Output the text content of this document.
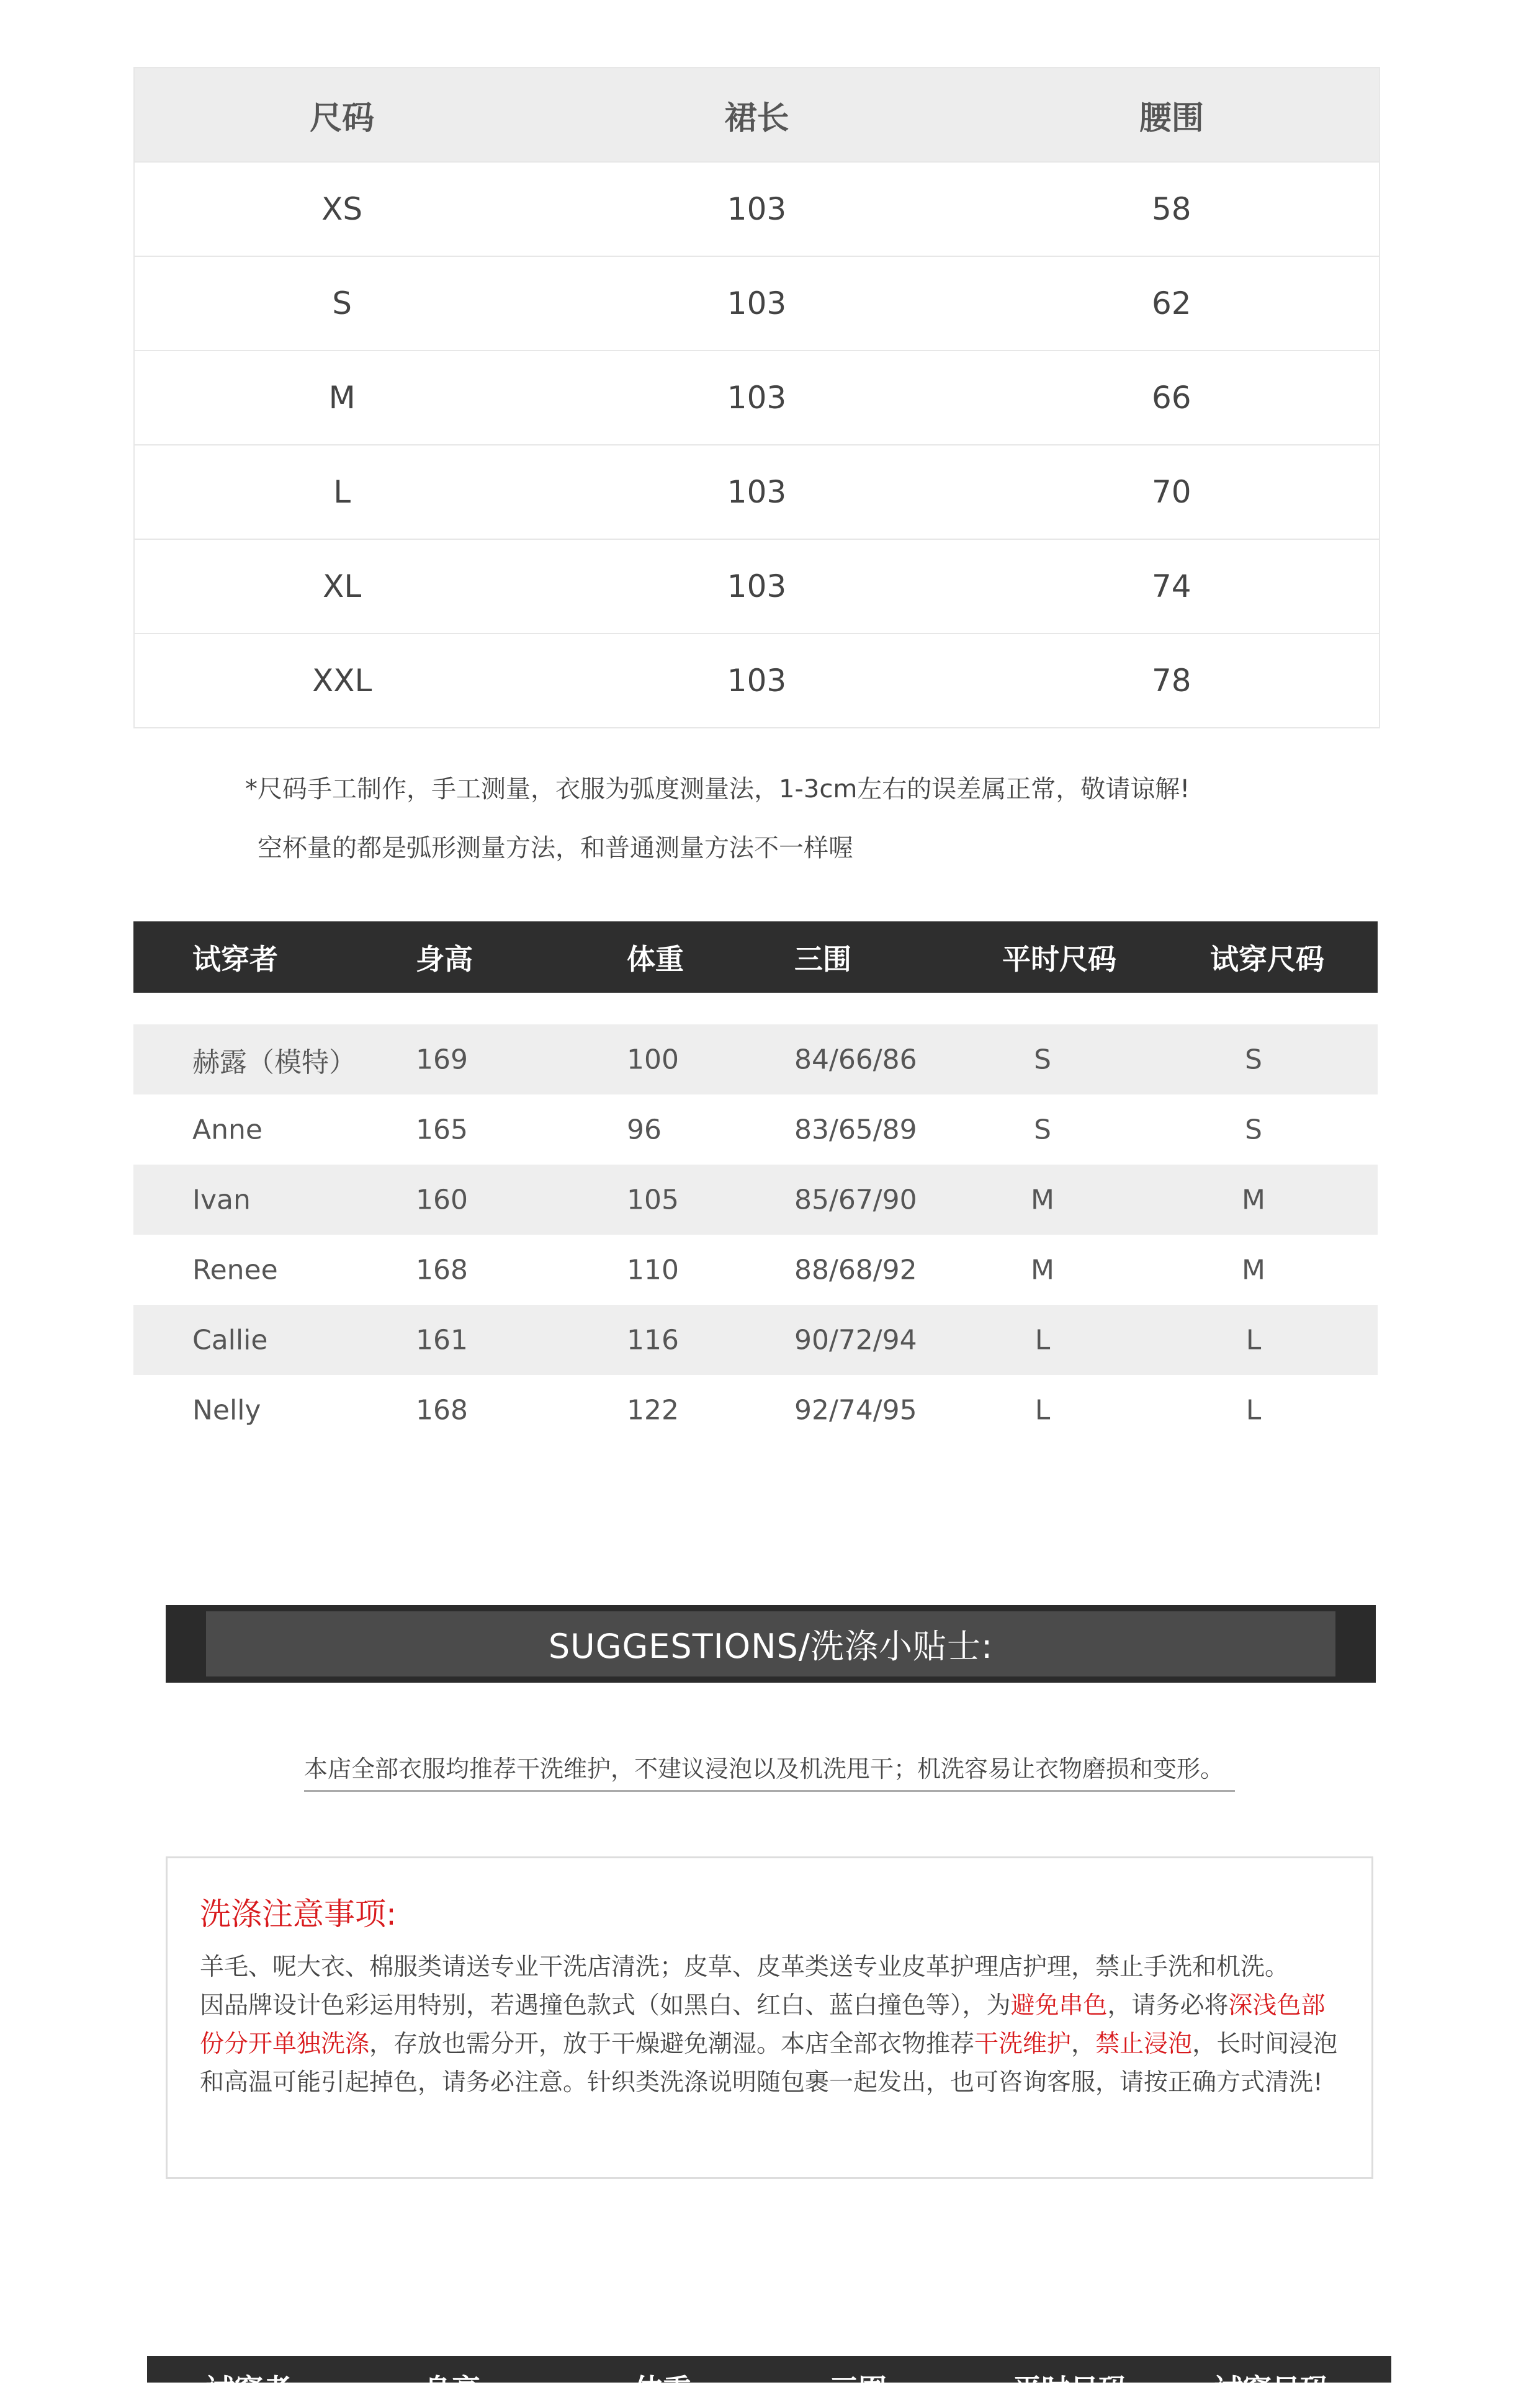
尺码	裙长	腰围
XS	103	58
S	103	62
M	103	66
L	103	70
XL	103	74
XXL	103	78
*尺码手工制作，手工测量，衣服为弧度测量法，1-3cm左右的误差属正常，敬请谅解!
空杯量的都是弧形测量方法，和普通测量方法不一样喔
试穿者	身高	体重	三围	平时尺码	试穿尺码
赫露（模特） 169	100	84/66/86	S	S
Anne	165	96	83/65/89	S	S
Ivan	160	105	85/67/90	M	M
Renee	168	110	88/68/92	M	M
Callie	161	116	90/72/94	L	L
Nelly	168	122	92/74/95	L	L
SUGGESTIONS/洗涤小贴士:
本店全部衣服均推荐干洗维护，不建议浸泡以及机洗甩干；机洗容易让衣物磨损和变形。
洗涤注意事项:
羊毛、呢大衣、棉服类请送专业干洗店清洗；皮草、皮革类送专业皮革护理店护理，禁止手洗和机洗。
因品牌设计色彩运用特别，若遇撞色款式（如黑白、红白、蓝白撞色等），为避免串色，请务必将深浅色部份分开单独洗涤，存放也需分开，放于干燥避免潮湿。本店全部衣物推荐干洗维护，禁止浸泡，长时间浸泡和高温可能引起掉色，请务必注意。针织类洗涤说明随包裹一起发出，也可咨询客服，请按正确方式清洗!
试穿者	身高	体重	三围	平时尺码	试穿尺码
